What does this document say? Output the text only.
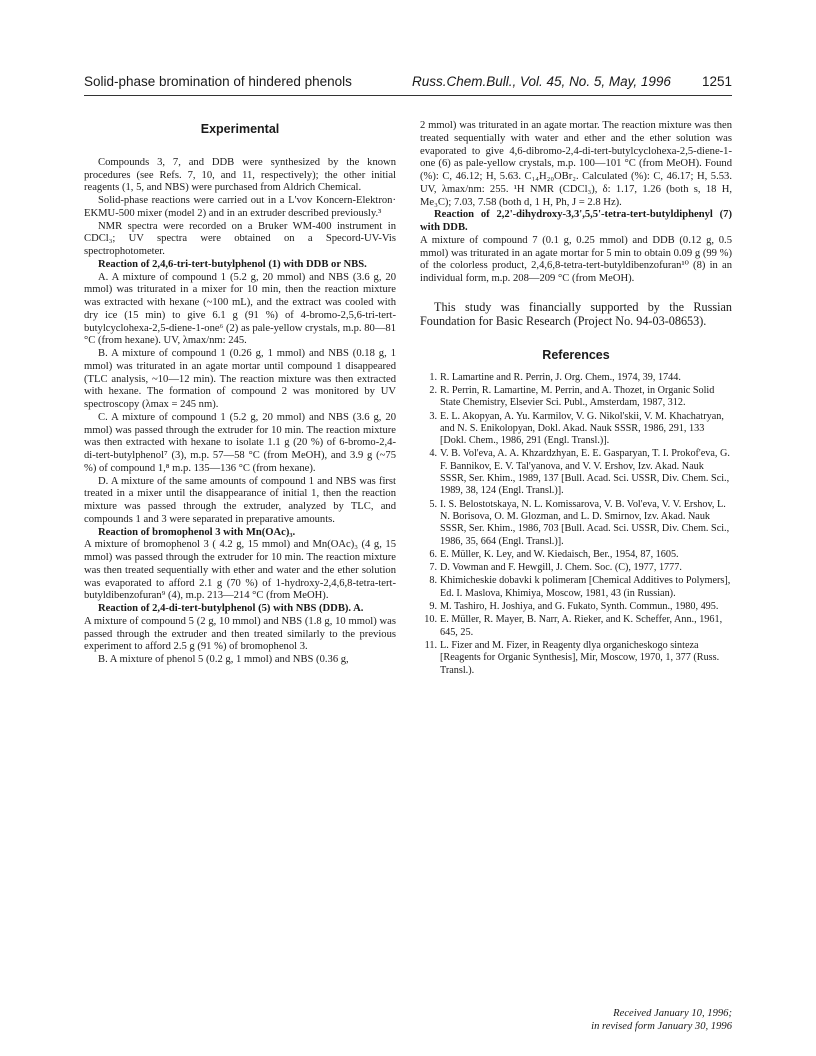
Solid-phase bromination of hindered phenols	Russ.Chem.Bull., Vol. 45, No. 5, May, 1996 1251
Experimental

Compounds 3, 7, and DDB were synthesized by the known procedures (see Refs. 7, 10, and 11, respectively); the other initial reagents (1, 5, and NBS) were purchased from Aldrich Chemical.

Solid-phase reactions were carried out in a L'vov Koncern-Elektron· EKMU-500 mixer (model 2) and in an extruder described previously.³

NMR spectra were recorded on a Bruker WM-400 instrument in CDCl₃; UV spectra were obtained on a Specord-UV-Vis spectrophotometer.

Reaction of 2,4,6-tri-tert-butylphenol (1) with DDB or NBS.

A. A mixture of compound 1 (5.2 g, 20 mmol) and NBS (3.6 g, 20 mmol) was triturated in a mixer for 10 min, then the reaction mixture was extracted with hexane (~100 mL), and the extract was cooled with dry ice (15 min) to give 6.1 g (91 %) of 4-bromo-2,5,6-tri-tert-butylcyclohexa-2,5-diene-1-one⁶ (2) as pale-yellow crystals, m.p. 80—81 °C (from hexane). UV, λmax/nm: 245.

B. A mixture of compound 1 (0.26 g, 1 mmol) and NBS (0.18 g, 1 mmol) was triturated in an agate mortar until compound 1 disappeared (TLC analysis, ~10—12 min). The reaction mixture was then extracted with hexane. The formation of compound 2 was monitored by UV spectroscopy (λmax = 245 nm).

C. A mixture of compound 1 (5.2 g, 20 mmol) and NBS (3.6 g, 20 mmol) was passed through the extruder for 10 min. The reaction mixture was then extracted with hexane to isolate 1.1 g (20 %) of 6-bromo-2,4-di-tert-butylphenol⁷ (3), m.p. 57—58 °C (from MeOH), and 3.9 g (~75 %) of compound 1,⁸ m.p. 135—136 °C (from hexane).

D. A mixture of the same amounts of compound 1 and NBS was first treated in a mixer until the disappearance of initial 1, then the reaction mixture was passed through the extruder, analyzed by TLC, and compounds 1 and 3 were separated in preparative amounts.

Reaction of bromophenol 3 with Mn(OAc)₃.

A mixture of bromophenol 3 ( 4.2 g, 15 mmol) and Mn(OAc)₃ (4 g, 15 mmol) was passed through the extruder for 10 min. The reaction mixture was then treated sequentially with ether and water and the ether solution was evaporated to afford 2.1 g (70 %) of 1-hydroxy-2,4,6,8-tetra-tert-butyldibenzofuran⁹ (4), m.p. 213—214 °C (from MeOH).

Reaction of 2,4-di-tert-butylphenol (5) with NBS (DDB). A.

A mixture of compound 5 (2 g, 10 mmol) and NBS (1.8 g, 10 mmol) was passed through the extruder and then treated similarly to the previous experiment to afford 2.5 g (91 %) of bromophenol 3.

B. A mixture of phenol 5 (0.2 g, 1 mmol) and NBS (0.36 g,

2 mmol) was triturated in an agate mortar. The reaction mixture was then treated sequentially with water and ether and the ether solution was evaporated to give 4,6-dibromo-2,4-di-tert-butylcyclohexa-2,5-diene-1-one (6) as pale-yellow crystals, m.p. 100—101 °C (from MeOH). Found (%): C, 46.12; H, 5.63. C₁₄H₂₀OBr₂. Calculated (%): C, 46.17; H, 5.53. UV, λmax/nm: 255. ¹H NMR (CDCl₃), δ: 1.17, 1.26 (both s, 18 H, Me₃C); 7.03, 7.58 (both d, 1 H, Ph, J = 2.8 Hz).

Reaction of 2,2'-dihydroxy-3,3',5,5'-tetra-tert-butyldiphenyl (7) with DDB.

A mixture of compound 7 (0.1 g, 0.25 mmol) and DDB (0.12 g, 0.5 mmol) was triturated in an agate mortar for 5 min to obtain 0.09 g (99 %) of the colorless product, 2,4,6,8-tetra-tert-butyldibenzofuran¹⁰ (8) in an individual form, m.p. 208—209 °C (from MeOH).

This study was financially supported by the Russian Foundation for Basic Research (Project No. 94-03-08653).

References
1. R. Lamartine and R. Perrin, J. Org. Chem., 1974, 39, 1744.
2. R. Perrin, R. Lamartine, M. Perrin, and A. Thozet, in Organic Solid State Chemistry, Elsevier Sci. Publ., Amsterdam, 1987, 312.
3. E. L. Akopyan, A. Yu. Karmilov, V. G. Nikol'skii, V. M. Khachatryan, and N. S. Enikolopyan, Dokl. Akad. Nauk SSSR, 1986, 291, 133 [Dokl. Chem., 1986, 291 (Engl. Transl.)].
4. V. B. Vol'eva, A. A. Khzardzhyan, E. E. Gasparyan, T. I. Prokof'eva, G. F. Bannikov, E. V. Tal'yanova, and V. V. Ershov, Izv. Akad. Nauk SSSR, Ser. Khim., 1989, 137 [Bull. Acad. Sci. USSR, Div. Chem. Sci., 1989, 38, 124 (Engl. Transl.)].
5. I. S. Belostotskaya, N. L. Komissarova, V. B. Vol'eva, V. V. Ershov, L. N. Borisova, O. M. Glozman, and L. D. Smirnov, Izv. Akad. Nauk SSSR, Ser. Khim., 1986, 703 [Bull. Acad. Sci. USSR, Div. Chem. Sci., 1986, 35, 664 (Engl. Transl.)].
6. E. Müller, K. Ley, and W. Kiedaisch, Ber., 1954, 87, 1605.
7. D. Vowman and F. Hewgill, J. Chem. Soc. (C), 1977, 1777.
8. Khimicheskie dobavki k polimeram [Chemical Additives to Polymers], Ed. I. Maslova, Khimiya, Moscow, 1981, 43 (in Russian).
9. M. Tashiro, H. Joshiya, and G. Fukato, Synth. Commun., 1980, 495.
10. E. Müller, R. Mayer, B. Narr, A. Rieker, and K. Scheffer, Ann., 1961, 645, 25.
11. L. Fizer and M. Fizer, in Reagenty dlya organicheskogo sinteza [Reagents for Organic Synthesis], Mir, Moscow, 1970, 1, 377 (Russ. Transl.).
Received January 10, 1996;
in revised form January 30, 1996
